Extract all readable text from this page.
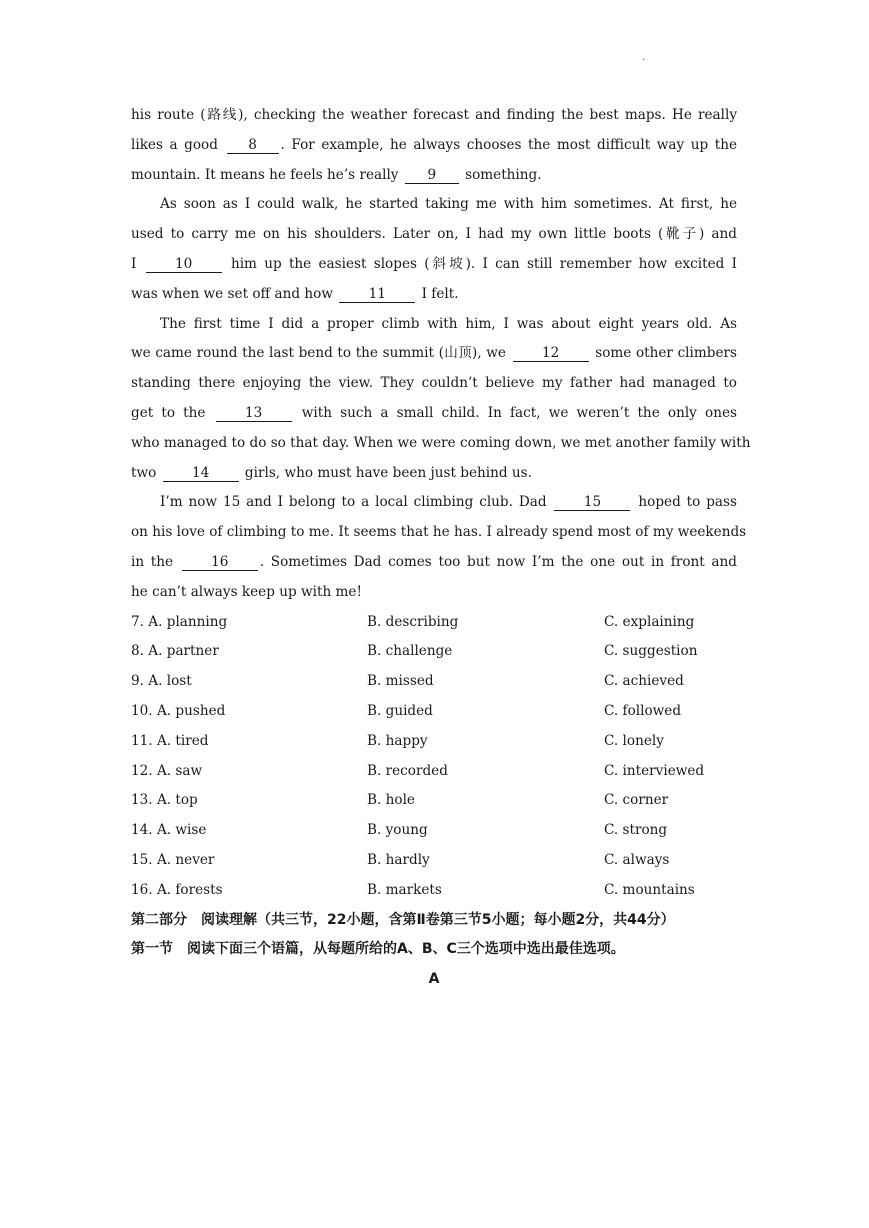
.
his route (路线), checking the weather forecast and finding the best maps. He really
likes a good 8 . For example, he always chooses the most difficult way up the
mountain. It means he feels he’s really 9 something.
As soon as I could walk, he started taking me with him sometimes. At first, he
used to carry me on his shoulders. Later on, I had my own little boots (靴子) and
I 10 him up the easiest slopes (斜坡). I can still remember how excited I
was when we set off and how 11 I felt.
The first time I did a proper climb with him, I was about eight years old. As
we came round the last bend to the summit (山顶), we 12 some other climbers
standing there enjoying the view. They couldn’t believe my father had managed to
get to the 13 with such a small child. In fact, we weren’t the only ones
who managed to do so that day. When we were coming down, we met another family with
two 14 girls, who must have been just behind us.
I’m now 15 and I belong to a local climbing club. Dad 15 hoped to pass
on his love of climbing to me. It seems that he has. I already spend most of my weekends
in the 16 . Sometimes Dad comes too but now I’m the one out in front and
he can’t always keep up with me!
7. A. planning	B. describing	C. explaining
8. A. partner	B. challenge	C. suggestion
9. A. lost	B. missed	C. achieved
10. A. pushed	B. guided	C. followed
11. A. tired	B. happy	C. lonely
12. A. saw	B. recorded	C. interviewed
13. A. top	B. hole	C. corner
14. A. wise	B. young	C. strong
15. A. never	B. hardly	C. always
16. A. forests	B. markets	C. mountains
第二部分　阅读理解（共三节，22小题，含第Ⅱ卷第三节5小题；每小题2分，共44分）
第一节　阅读下面三个语篇，从每题所给的A、B、C三个选项中选出最佳选项。
A
